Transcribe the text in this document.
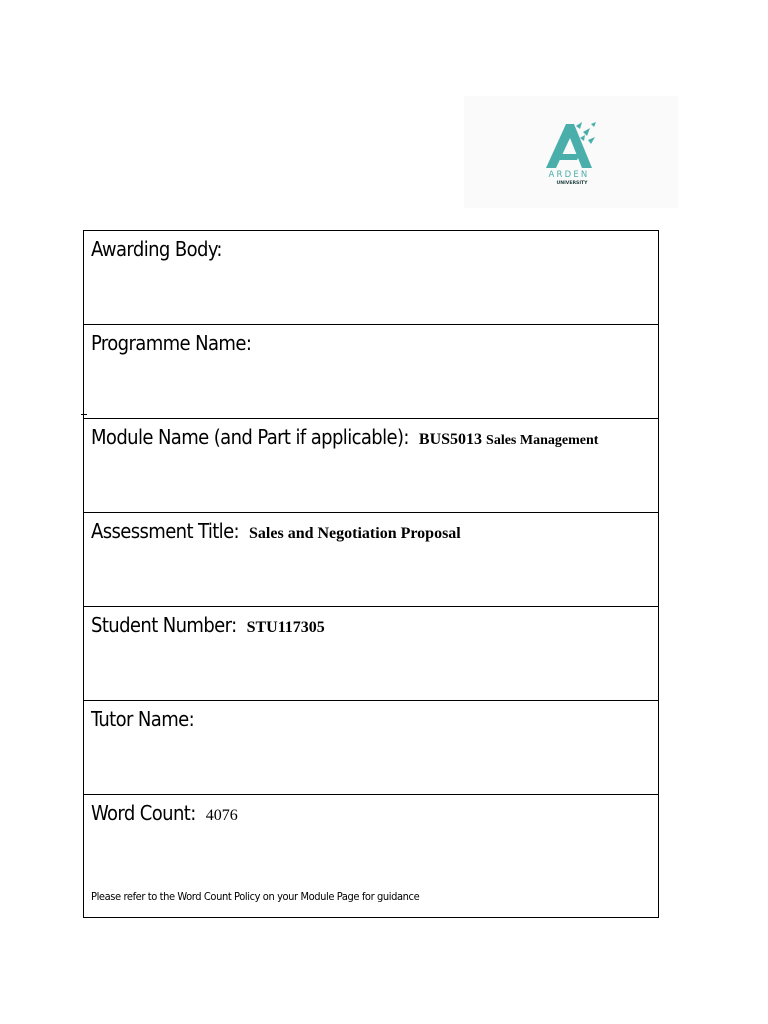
ARDEN
UNIVERSITY
Awarding Body:
Programme Name:
Module Name (and Part if applicable): BUS5013 Sales Management
Assessment Title: Sales and Negotiation Proposal
Student Number: STU117305
Tutor Name:
Word Count: 4076
Please refer to the Word Count Policy on your Module Page for guidance
